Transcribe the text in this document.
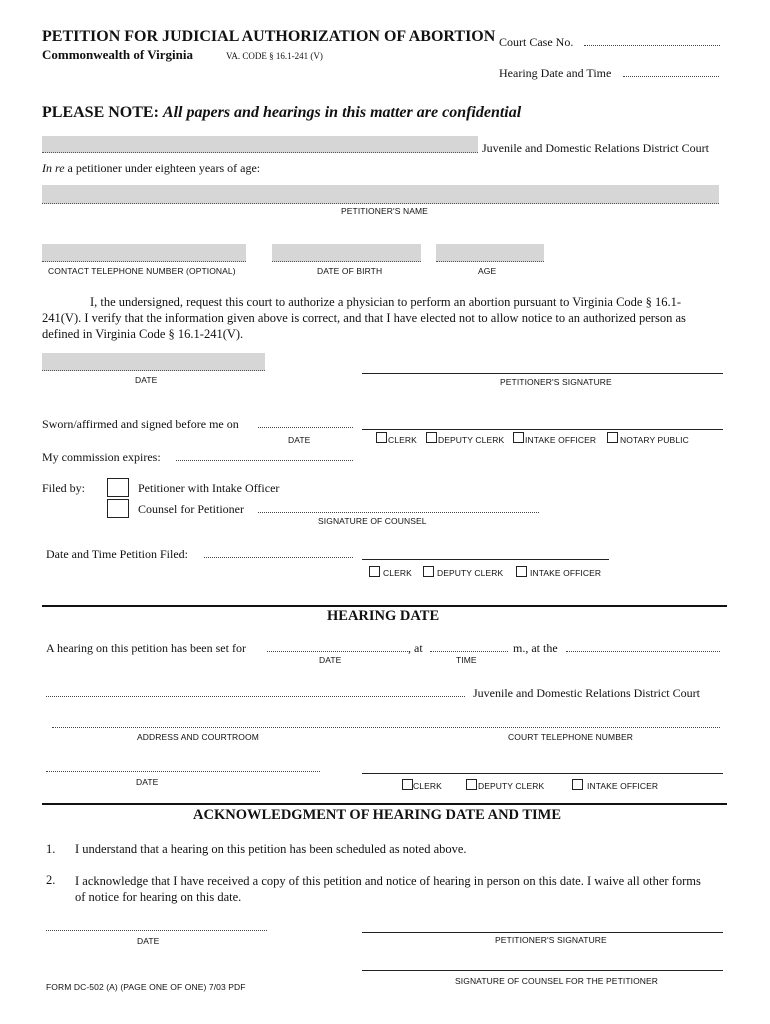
PETITION FOR JUDICIAL AUTHORIZATION OF ABORTION
Commonwealth of Virginia	VA. CODE § 16.1-241 (V)
Court Case No.
Hearing Date and Time
PLEASE NOTE: All papers and hearings in this matter are confidential
Juvenile and Domestic Relations District Court
In re a petitioner under eighteen years of age:
PETITIONER'S NAME
CONTACT TELEPHONE NUMBER (OPTIONAL)	DATE OF BIRTH	AGE
I, the undersigned, request this court to authorize a physician to perform an abortion pursuant to Virginia Code § 16.1-
241(V). I verify that the information given above is correct, and that I have elected not to allow notice to an authorized person as
defined in Virginia Code § 16.1-241(V).
DATE	PETITIONER'S SIGNATURE
Sworn/affirmed and signed before me on
DATE	CLERK DEPUTY CLERK INTAKE OFFICER	NOTARY PUBLIC
My commission expires:
Filed by:	Petitioner with Intake Officer
Counsel for Petitioner
SIGNATURE OF COUNSEL
Date and Time Petition Filed:
CLERK	DEPUTY CLERK	INTAKE OFFICER
HEARING DATE
A hearing on this petition has been set for	, at	m., at the
DATE	TIME
Juvenile and Domestic Relations District Court
ADDRESS AND COURTROOM	COURT TELEPHONE NUMBER
DATE	CLERK	DEPUTY CLERK	INTAKE OFFICER
ACKNOWLEDGMENT OF HEARING DATE AND TIME
1. I understand that a hearing on this petition has been scheduled as noted above.
2. I acknowledge that I have received a copy of this petition and notice of hearing in person on this date. I waive all other forms
of notice for hearing on this date.
DATE	PETITIONER'S SIGNATURE
SIGNATURE OF COUNSEL FOR THE PETITIONER
FORM DC-502 (A) (PAGE ONE OF ONE) 7/03 PDF
